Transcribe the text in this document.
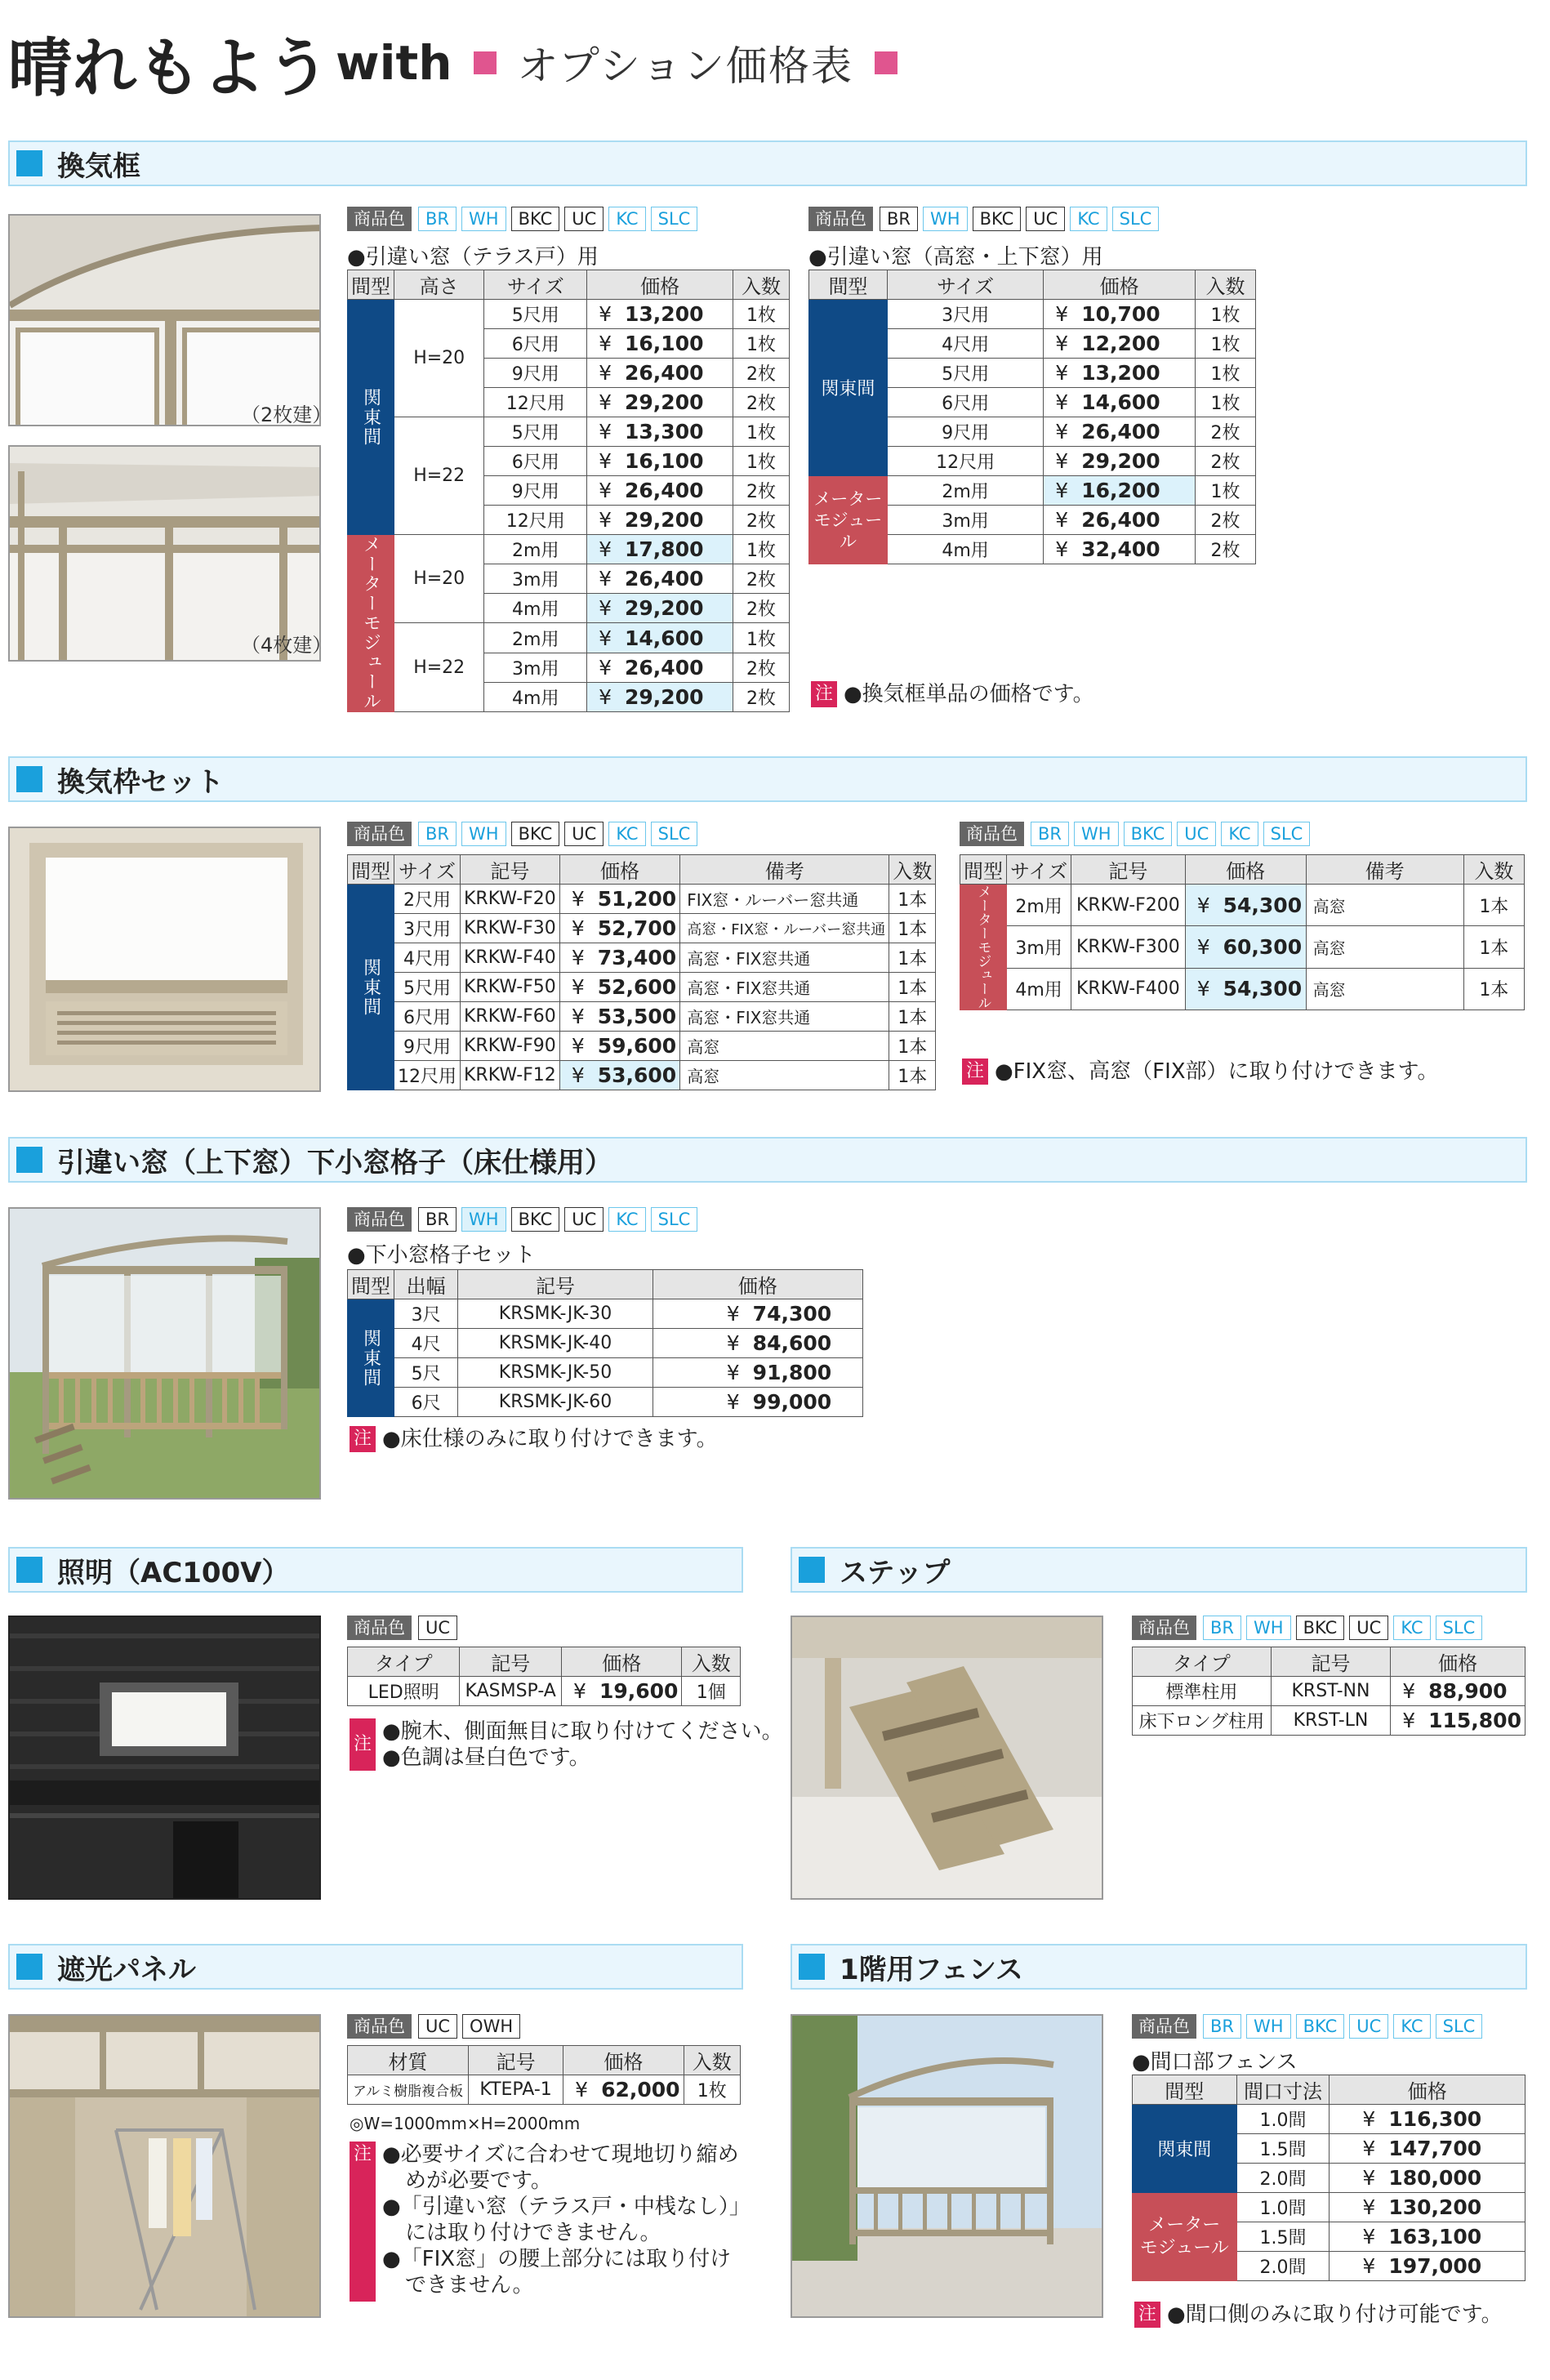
晴れもよう with オプション価格表
換気框
（2枚建）
（4枚建）
商品色	BR	WH	BKC	UC	KC	SLC
●引違い窓（テラス戸）用
間型	高さ	サイズ	価格	入数

関東間	H=20	5尺用	¥ 13,200	1枚
		6尺用	¥ 16,100	1枚
		9尺用	¥ 26,400	2枚
		12尺用	¥ 29,200	2枚
	H=22	5尺用	¥ 13,300	1枚
		6尺用	¥ 16,100	1枚
		9尺用	¥ 26,400	2枚
		12尺用	¥ 29,200	2枚

メーターモジュール	H=20	2m用	¥ 17,800	1枚
		3m用	¥ 26,400	2枚
		4m用	¥ 29,200	2枚
	H=22	2m用	¥ 14,600	1枚
		3m用	¥ 26,400	2枚
		4m用	¥ 29,200	2枚
商品色	BR	WH	BKC	UC	KC	SLC
●引違い窓（高窓・上下窓）用
間型	サイズ	価格	入数
関東間	3尺用	¥ 10,700	1枚
	4尺用	¥ 12,200	1枚
	5尺用	¥ 13,200	1枚
	6尺用	¥ 14,600	1枚
	9尺用	¥ 26,400	2枚
	12尺用	¥ 29,200	2枚
メーター
モジュール	2m用	¥ 16,200	1枚
	3m用	¥ 26,400	2枚
	4m用	¥ 32,400	2枚
注 ●換気框単品の価格です。
換気枠セット
商品色	BR	WH	BKC	UC	KC	SLC
間型	サイズ	記号	価格	備考	入数

関東間	2尺用	KRKW-F20	¥ 51,200	FIX窓・ルーバー窓共通	1本
	3尺用	KRKW-F30	¥ 52,700	高窓・FIX窓・ルーバー窓共通	1本
	4尺用	KRKW-F40	¥ 73,400	高窓・FIX窓共通	1本
	5尺用	KRKW-F50	¥ 52,600	高窓・FIX窓共通	1本
	6尺用	KRKW-F60	¥ 53,500	高窓・FIX窓共通	1本
	9尺用	KRKW-F90	¥ 59,600	高窓	1本
	12尺用	KRKW-F12	¥ 53,600	高窓	1本
商品色	BR	WH	BKC	UC	KC	SLC
間型	サイズ	記号	価格	備考	入数

メーターモジュール	2m用	KRKW-F200	¥ 54,300	高窓	1本
	3m用	KRKW-F300	¥ 60,300	高窓	1本
	4m用	KRKW-F400	¥ 54,300	高窓	1本
注 ●FIX窓、高窓（FIX部）に取り付けできます。
引違い窓（上下窓）下小窓格子（床仕様用）
商品色	BR	WH	BKC	UC	KC	SLC
●下小窓格子セット
間型	出幅	記号	価格

関東間	3尺	KRSMK-JK-30	¥ 74,300
	4尺	KRSMK-JK-40	¥ 84,600
	5尺	KRSMK-JK-50	¥ 91,800
	6尺	KRSMK-JK-60	¥ 99,000
注 ●床仕様のみに取り付けできます。
照明（AC100V）
商品色	UC
タイプ	記号	価格	入数
LED照明	KASMSP-A	¥ 19,600	1個
注
●腕木、側面無目に取り付けてください。
●色調は昼白色です。
ステップ
商品色	BR	WH	BKC	UC	KC	SLC
タイプ	記号	価格
標準柱用	KRST-NN	¥ 88,900
床下ロング柱用	KRST-LN	¥ 115,800
遮光パネル
商品色	UC	OWH
材質	記号	価格	入数
アルミ樹脂複合板	KTEPA-1	¥ 62,000	1枚
◎W=1000mm×H=2000mm
注 ●必要サイズに合わせて現地切り縮め
めが必要です。
●「引違い窓（テラス戸・中桟なし）」
には取り付けできません。
●「FIX窓」の腰上部分には取り付け
できません。
1階用フェンス
商品色	BR	WH	BKC	UC	KC	SLC
●間口部フェンス
間型	間口寸法	価格
関東間	1.0間	¥ 116,300
	1.5間	¥ 147,700
	2.0間	¥ 180,000
メーター
モジュール	1.0間	¥ 130,200
	1.5間	¥ 163,100
	2.0間	¥ 197,000
注 ●間口側のみに取り付け可能です。
